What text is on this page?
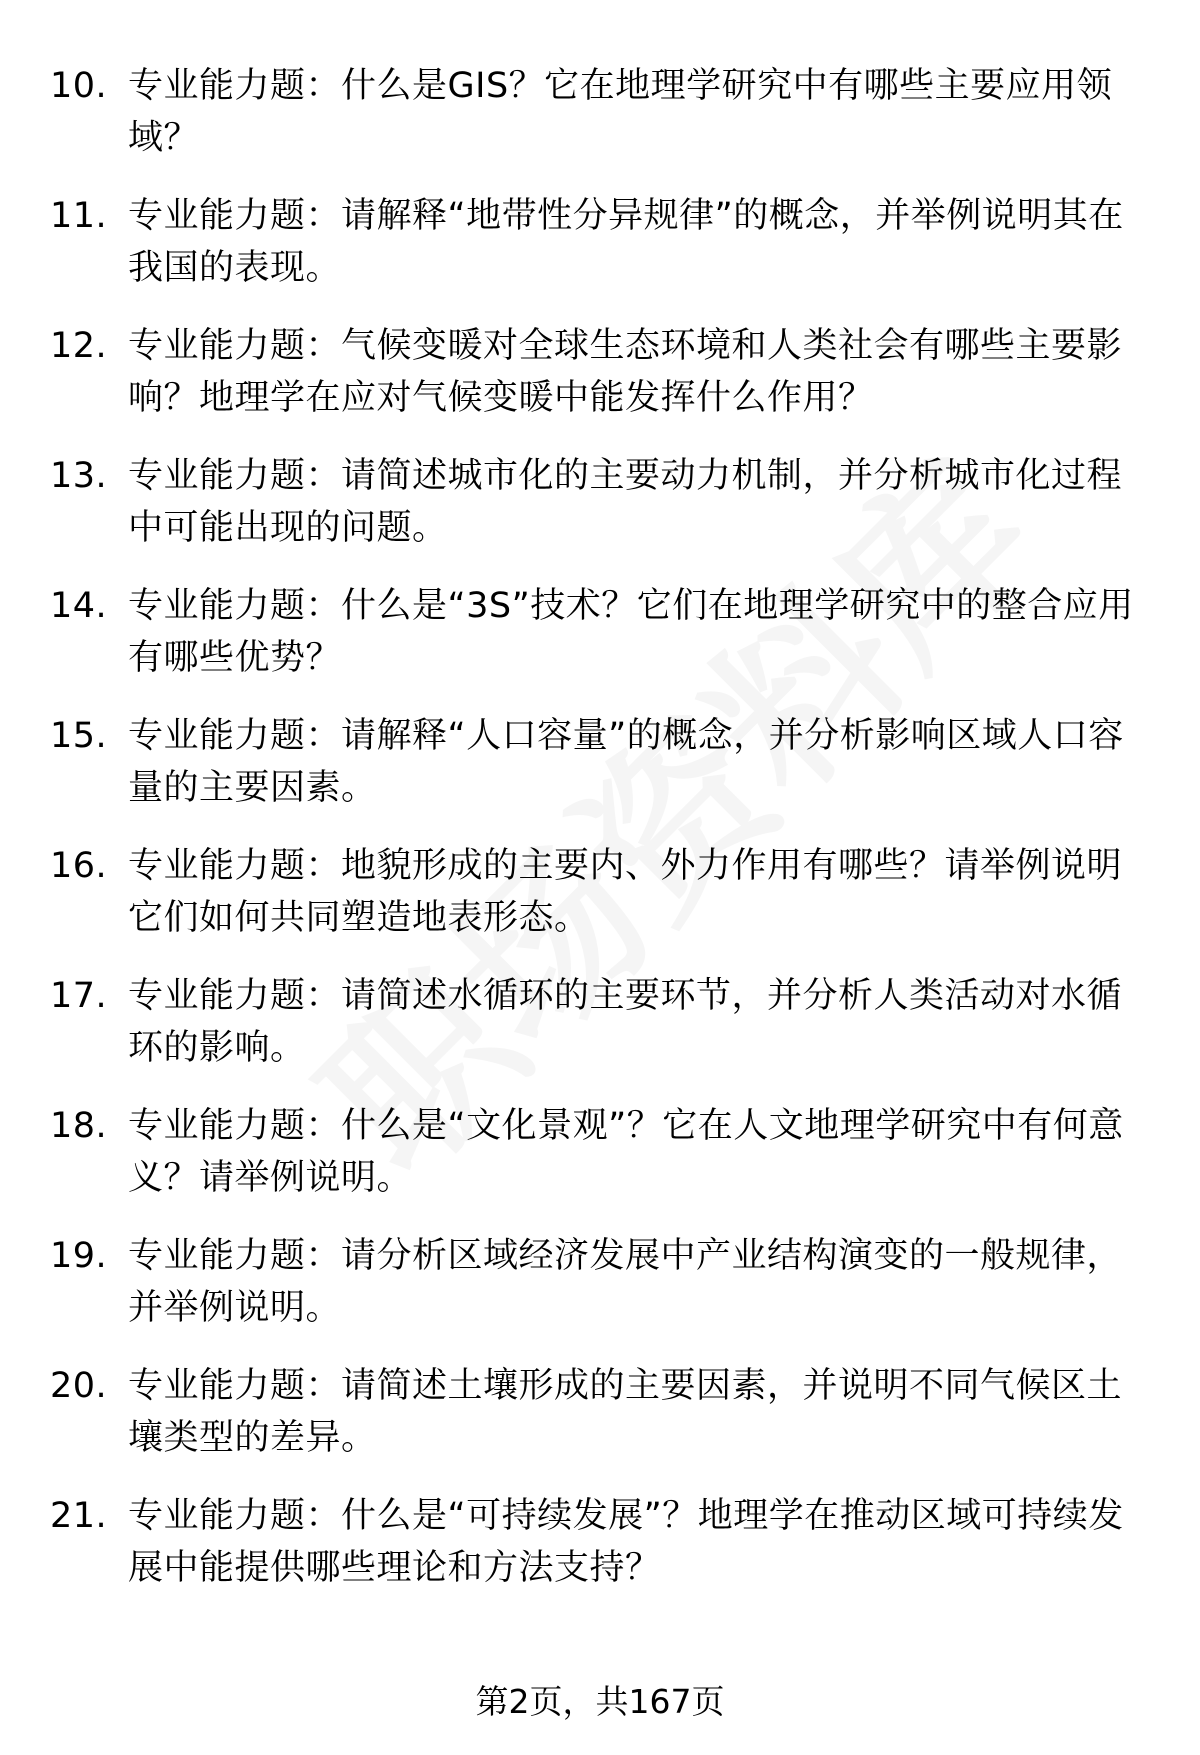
10. 专业能力题：什么是GIS？它在地理学研究中有哪些主要应用领域？
11. 专业能力题：请解释“地带性分异规律”的概念，并举例说明其在我国的表现。
12. 专业能力题：气候变暖对全球生态环境和人类社会有哪些主要影响？地理学在应对气候变暖中能发挥什么作用？
13. 专业能力题：请简述城市化的主要动力机制，并分析城市化过程中可能出现的问题。
14. 专业能力题：什么是“3S”技术？它们在地理学研究中的整合应用有哪些优势？
15. 专业能力题：请解释“人口容量”的概念，并分析影响区域人口容量的主要因素。
16. 专业能力题：地貌形成的主要内、外力作用有哪些？请举例说明它们如何共同塑造地表形态。
17. 专业能力题：请简述水循环的主要环节，并分析人类活动对水循环的影响。
18. 专业能力题：什么是“文化景观”？它在人文地理学研究中有何意义？请举例说明。
19. 专业能力题：请分析区域经济发展中产业结构演变的一般规律，并举例说明。
20. 专业能力题：请简述土壤形成的主要因素，并说明不同气候区土壤类型的差异。
21. 专业能力题：什么是“可持续发展”？地理学在推动区域可持续发展中能提供哪些理论和方法支持？
第2页，共167页
